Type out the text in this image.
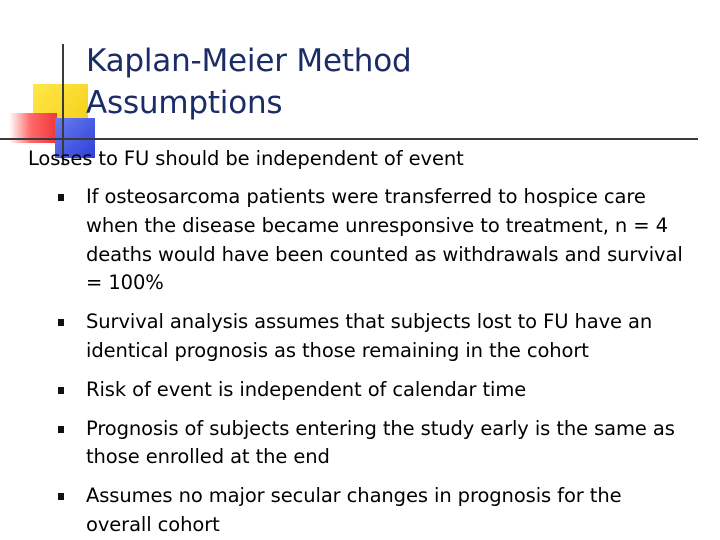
Kaplan-Meier Method
Assumptions

Losses to FU should be independent of event

If osteosarcoma patients were transferred to hospice care when the disease became unresponsive to treatment, n = 4 deaths would have been counted as withdrawals and survival = 100%
Survival analysis assumes that subjects lost to FU have an identical prognosis as those remaining in the cohort
Risk of event is independent of calendar time
Prognosis of subjects entering the study early is the same as those enrolled at the end
Assumes no major secular changes in prognosis for the overall cohort
